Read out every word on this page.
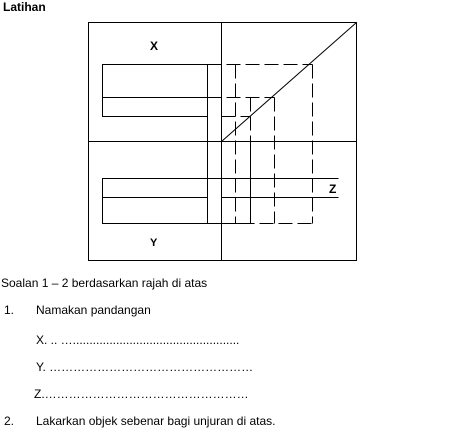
Latihan
X
Y
Z
Soalan 1 – 2 berdasarkan rajah di atas
1. Namakan pandangan
X. .. …..................................................
Y. ……………………………………………
Z.……………………………………………
2. Lakarkan objek sebenar bagi unjuran di atas.
